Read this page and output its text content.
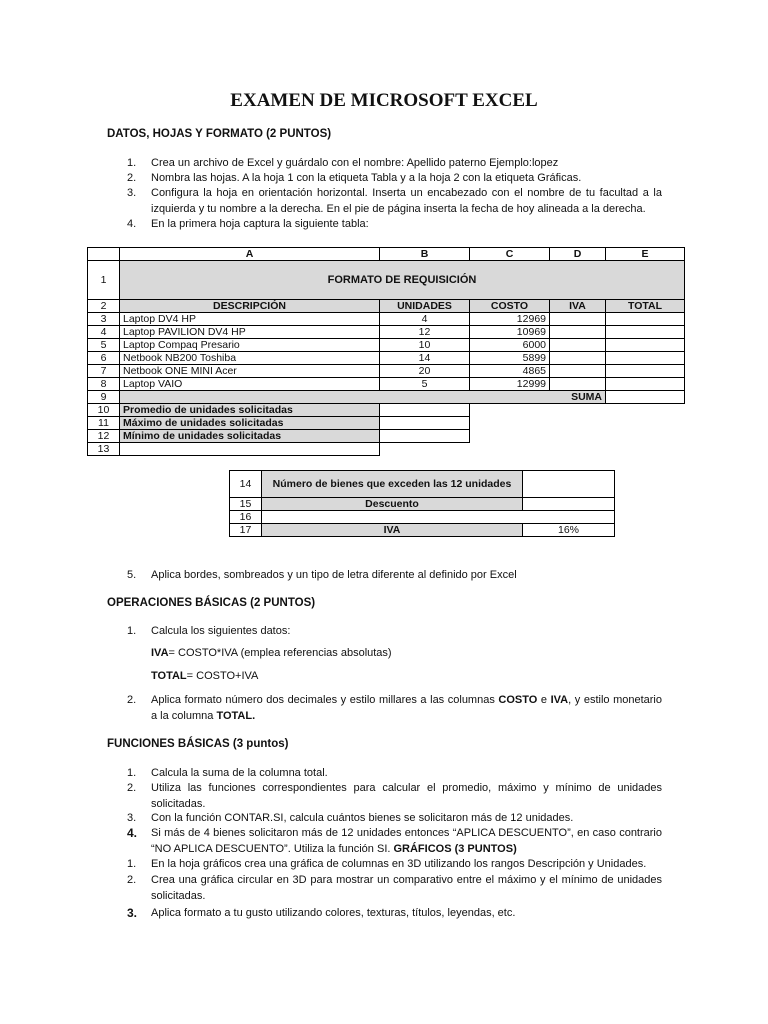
EXAMEN DE MICROSOFT EXCEL
DATOS, HOJAS Y FORMATO (2 PUNTOS)
1. Crea un archivo de Excel y guárdalo con el nombre: Apellido paterno Ejemplo:lopez
2. Nombra las hojas. A la hoja 1 con la etiqueta Tabla y a la hoja 2 con la etiqueta Gráficas.
3. Configura la hoja en orientación horizontal. Inserta un encabezado con el nombre de tu facultad a la izquierda y tu nombre a la derecha. En el pie de página inserta la fecha de hoy alineada a la derecha.
4. En la primera hoja captura la siguiente tabla:
	A	B	C	D	E
1	FORMATO DE REQUISICIÓN				
2	DESCRIPCIÓN	UNIDADES	COSTO	IVA	TOTAL
3	Laptop DV4 HP	4	12969		
4	Laptop PAVILION DV4 HP	12	10969		
5	Laptop Compaq Presario	10	6000		
6	Netbook NB200 Toshiba	14	5899		
7	Netbook ONE MINI Acer	20	4865		
8	Laptop VAIO	5	12999		
9	SUMA				
10	Promedio de unidades solicitadas				
11	Máximo de unidades solicitadas				
12	Mínimo de unidades solicitadas				
13					
14	Número de bienes que exceden las 12 unidades	
15	Descuento	
16		
17	IVA	16%
5. Aplica bordes, sombreados y un tipo de letra diferente al definido por Excel
OPERACIONES BÁSICAS (2 PUNTOS)
1. Calcula los siguientes datos:
IVA= COSTO*IVA (emplea referencias absolutas)
TOTAL= COSTO+IVA
2. Aplica formato número dos decimales y estilo millares a las columnas COSTO e IVA, y estilo monetario a la columna TOTAL.
FUNCIONES BÁSICAS (3 puntos)
1. Calcula la suma de la columna total.
2. Utiliza las funciones correspondientes para calcular el promedio, máximo y mínimo de unidades solicitadas.
3. Con la función CONTAR.SI, calcula cuántos bienes se solicitaron más de 12 unidades.
4. Si más de 4 bienes solicitaron más de 12 unidades entonces “APLICA DESCUENTO”, en caso contrario “NO APLICA DESCUENTO”. Utiliza la función SI. GRÁFICOS (3 PUNTOS)
1. En la hoja gráficos crea una gráfica de columnas en 3D utilizando los rangos Descripción y Unidades.
2. Crea una gráfica circular en 3D para mostrar un comparativo entre el máximo y el mínimo de unidades solicitadas.
3. Aplica formato a tu gusto utilizando colores, texturas, títulos, leyendas, etc.
